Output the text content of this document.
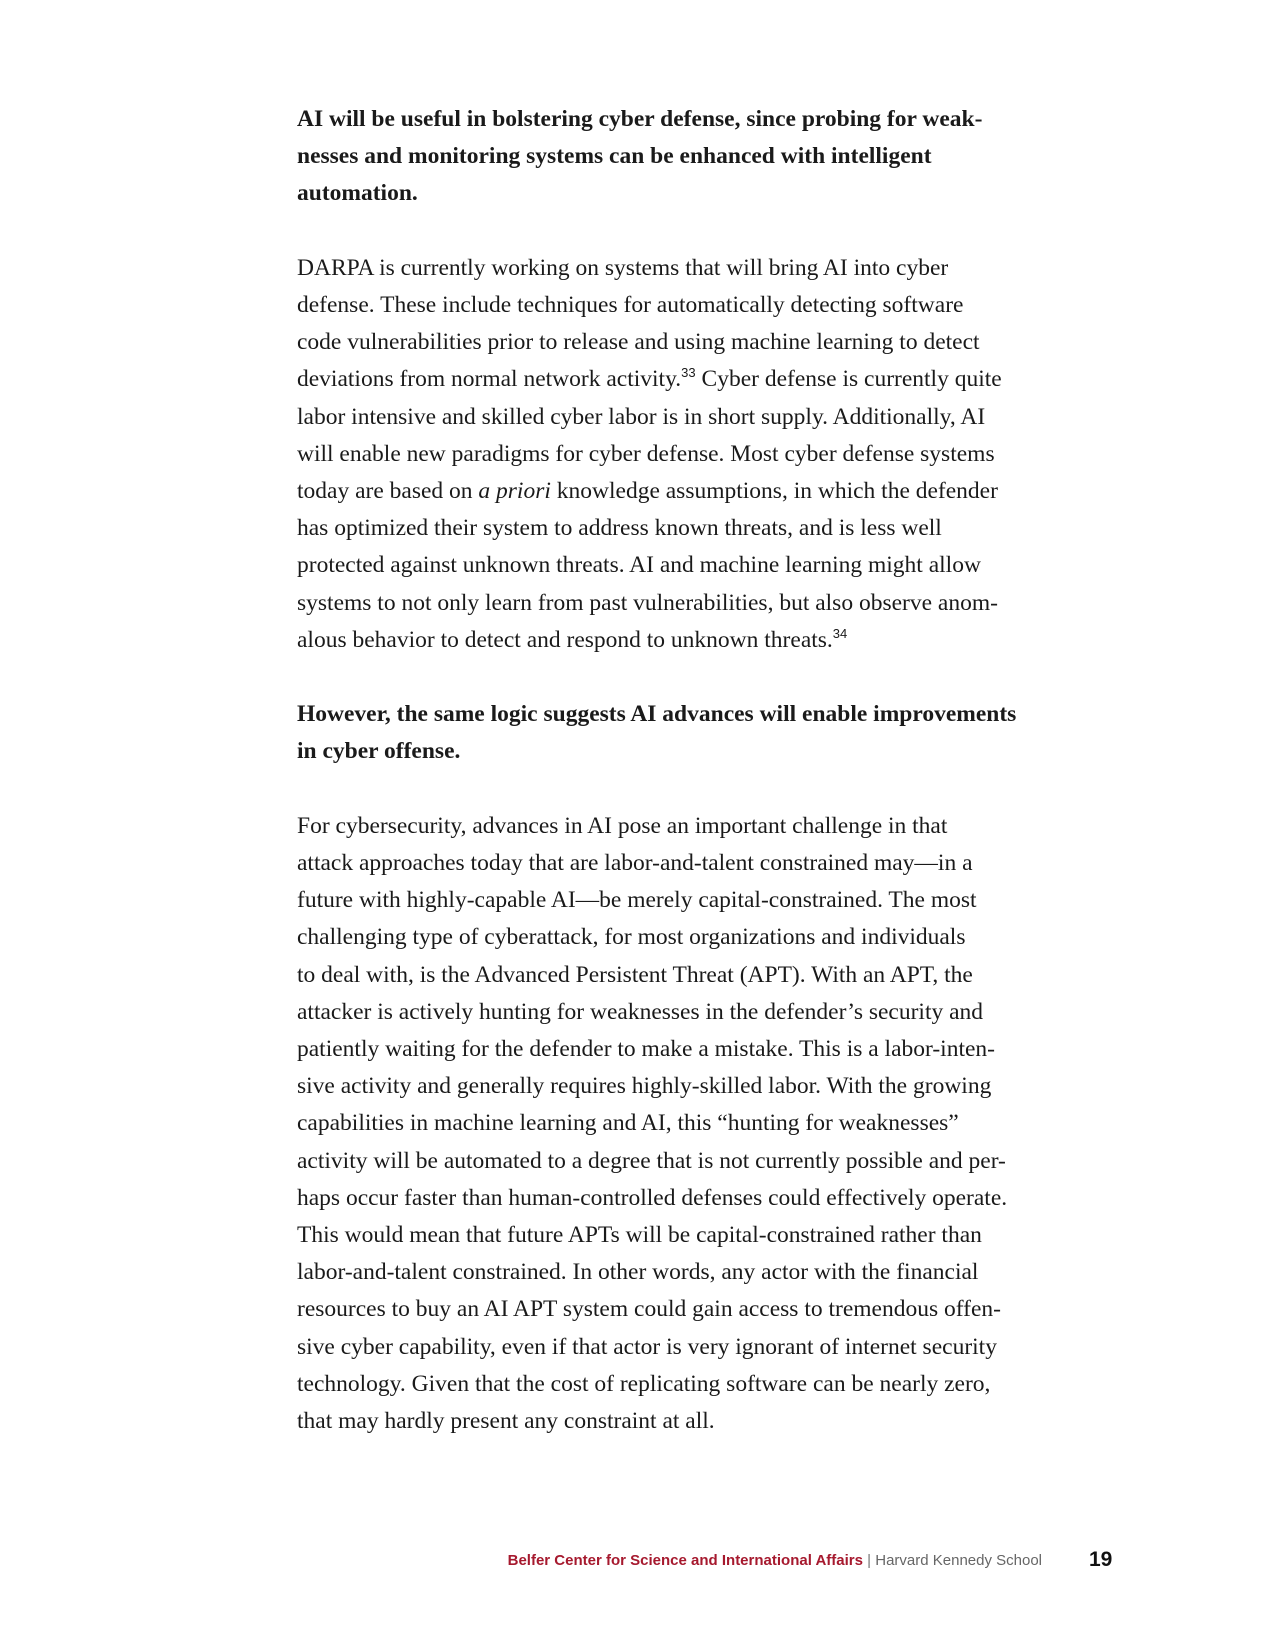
AI will be useful in bolstering cyber defense, since probing for weak-
nesses and monitoring systems can be enhanced with intelligent
automation.

DARPA is currently working on systems that will bring AI into cyber
defense. These include techniques for automatically detecting software
code vulnerabilities prior to release and using machine learning to detect
deviations from normal network activity.$^{33}$ Cyber defense is currently quite
labor intensive and skilled cyber labor is in short supply. Additionally, AI
will enable new paradigms for cyber defense. Most cyber defense systems
today are based on a priori knowledge assumptions, in which the defender
has optimized their system to address known threats, and is less well
protected against unknown threats. AI and machine learning might allow
systems to not only learn from past vulnerabilities, but also observe anom-
alous behavior to detect and respond to unknown threats.$^{34}$

However, the same logic suggests AI advances will enable improvements
in cyber offense.

For cybersecurity, advances in AI pose an important challenge in that
attack approaches today that are labor-and-talent constrained may—in a
future with highly-capable AI—be merely capital-constrained. The most
challenging type of cyberattack, for most organizations and individuals
to deal with, is the Advanced Persistent Threat (APT). With an APT, the
attacker is actively hunting for weaknesses in the defender’s security and
patiently waiting for the defender to make a mistake. This is a labor-inten-
sive activity and generally requires highly-skilled labor. With the growing
capabilities in machine learning and AI, this “hunting for weaknesses”
activity will be automated to a degree that is not currently possible and per-
haps occur faster than human-controlled defenses could effectively operate.
This would mean that future APTs will be capital-constrained rather than
labor-and-talent constrained. In other words, any actor with the financial
resources to buy an AI APT system could gain access to tremendous offen-
sive cyber capability, even if that actor is very ignorant of internet security
technology. Given that the cost of replicating software can be nearly zero,
that may hardly present any constraint at all.

Belfer Center for Science and International Affairs | Harvard Kennedy School 19
